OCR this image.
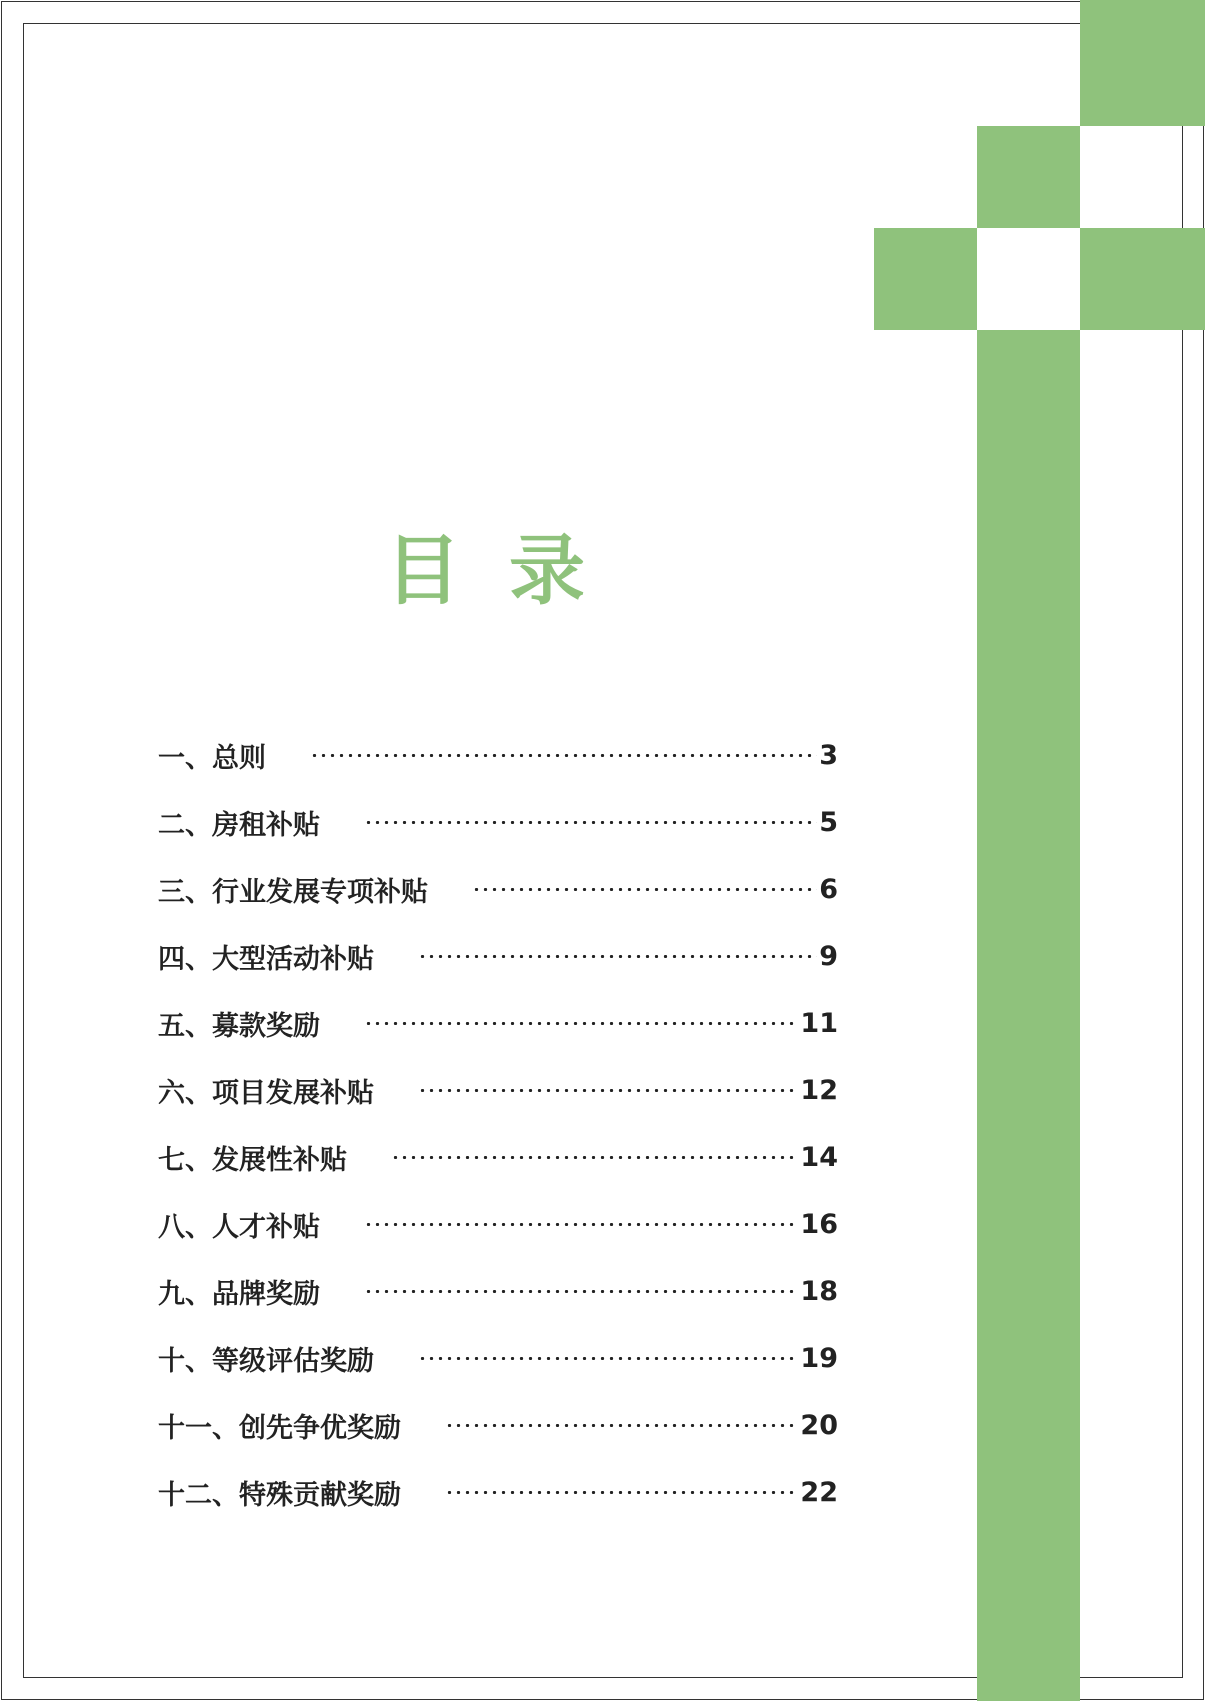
目 录
一、总则	3
二、房租补贴	5
三、行业发展专项补贴	6
四、大型活动补贴	9
五、募款奖励	11
六、项目发展补贴	12
七、发展性补贴	14
八、人才补贴	16
九、品牌奖励	18
十、等级评估奖励	19
十一、创先争优奖励	20
十二、特殊贡献奖励	22
